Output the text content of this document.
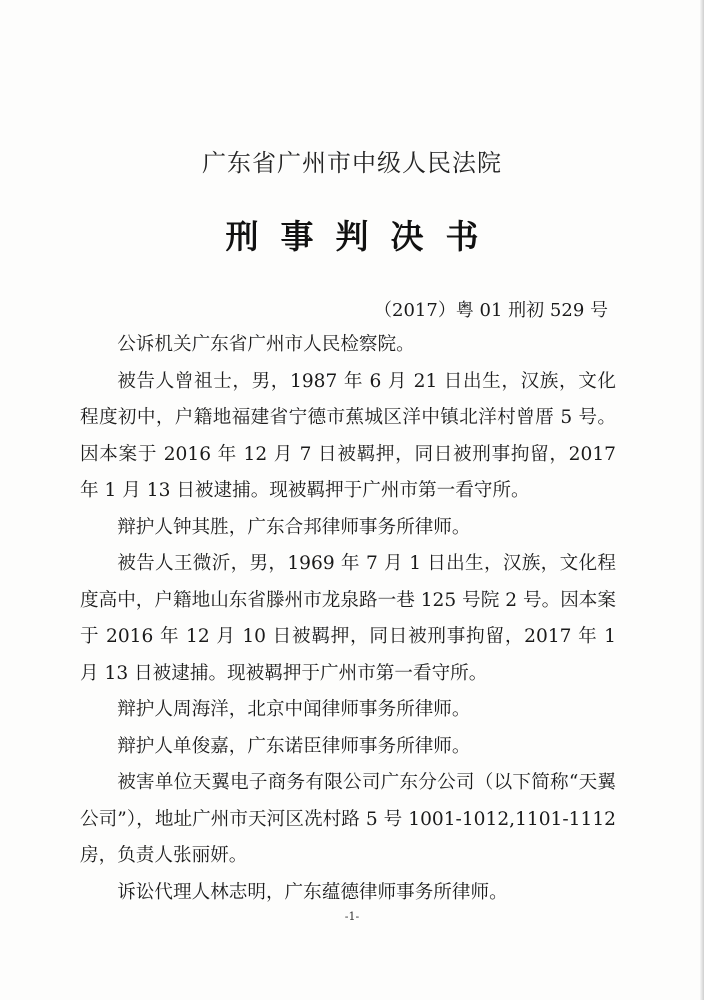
广东省广州市中级人民法院
刑事判决书
（2017）粤 01 刑初 529 号

公诉机关广东省广州市人民检察院。

被告人曾祖士，男，1987 年 6 月 21 日出生，汉族，文化程度初中，户籍地福建省宁德市蕉城区洋中镇北洋村曾厝 5 号。因本案于 2016 年 12 月 7 日被羁押，同日被刑事拘留，2017 年 1 月 13 日被逮捕。现被羁押于广州市第一看守所。

辩护人钟其胜，广东合邦律师事务所律师。

被告人王微沂，男，1969 年 7 月 1 日出生，汉族，文化程度高中，户籍地山东省滕州市龙泉路一巷 125 号院 2 号。因本案于 2016 年 12 月 10 日被羁押，同日被刑事拘留，2017 年 1 月 13 日被逮捕。现被羁押于广州市第一看守所。

辩护人周海洋，北京中闻律师事务所律师。

辩护人单俊嘉，广东诺臣律师事务所律师。

被害单位天翼电子商务有限公司广东分公司（以下简称“天翼公司”），地址广州市天河区冼村路 5 号 1001-1012,1101-1112 房，负责人张丽妍。

诉讼代理人林志明，广东蕴德律师事务所律师。

-1-
